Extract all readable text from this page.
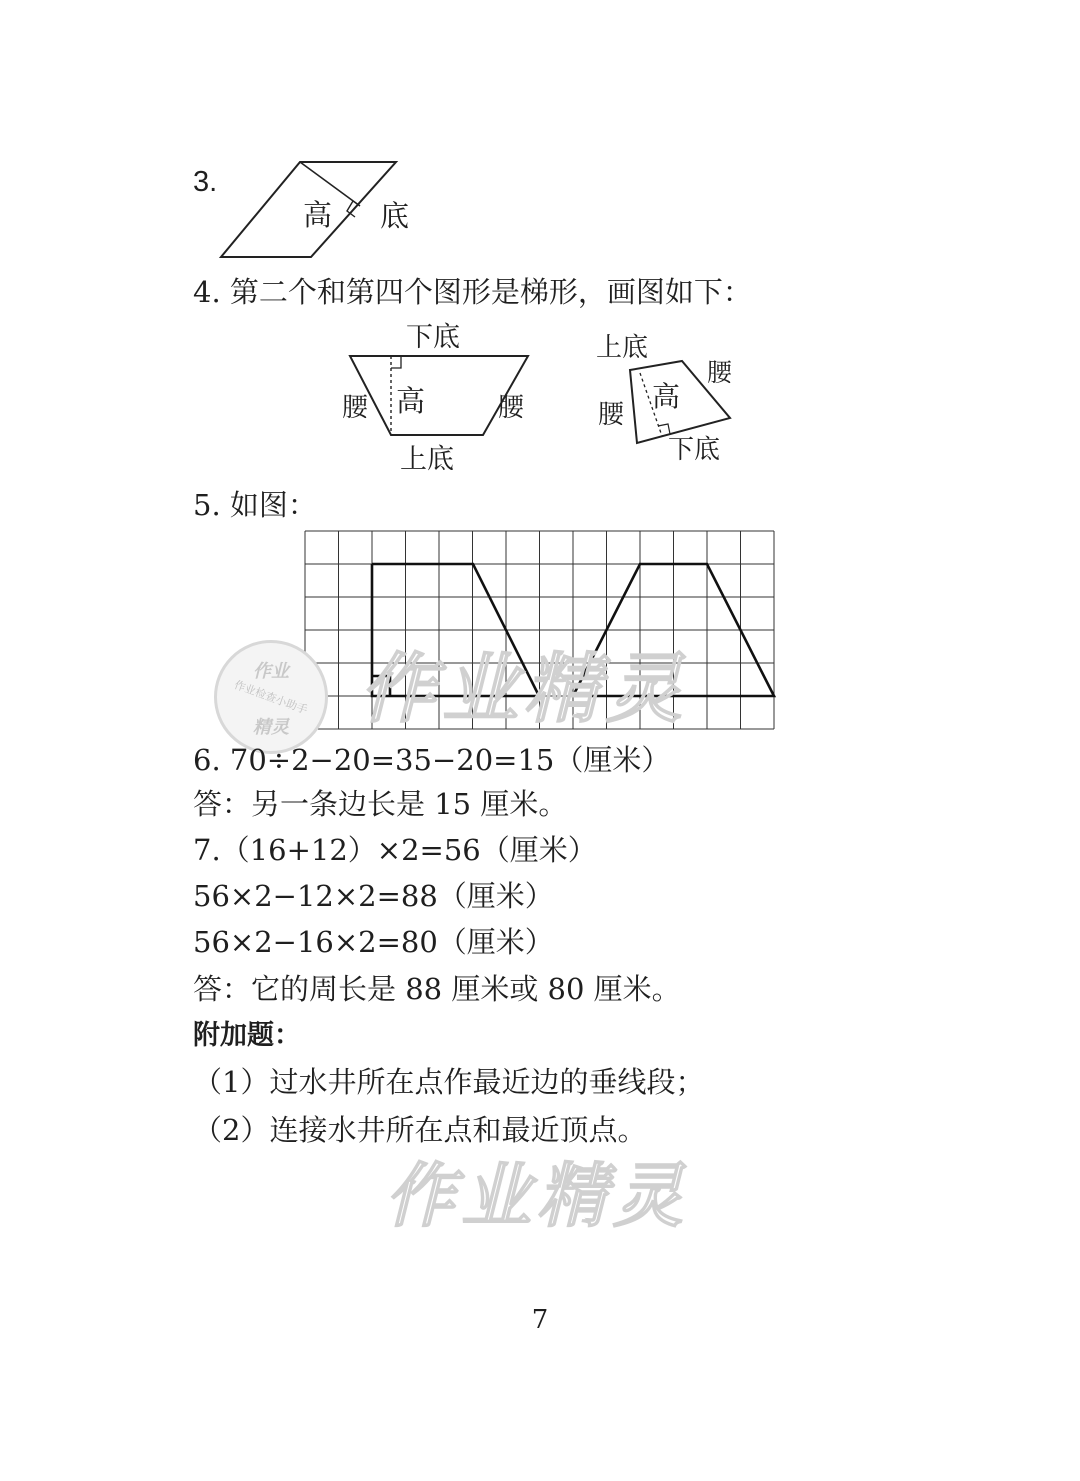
3.
高 底
4. 第二个和第四个图形是梯形，画图如下：
下底
腰 高	腰
上底
上底
高
腰
腰
下底
5. 如图：
作业精灵
作业
作业检查小助手
精灵
6. 70÷2−20=35−20=15（厘米）
答：另一条边长是 15 厘米。
7.（16+12）×2=56（厘米）
56×2−12×2=88（厘米）
56×2−16×2=80（厘米）
答：它的周长是 88 厘米或 80 厘米。
附加题：
（1）过水井所在点作最近边的垂线段；
（2）连接水井所在点和最近顶点。
作业精灵
7
